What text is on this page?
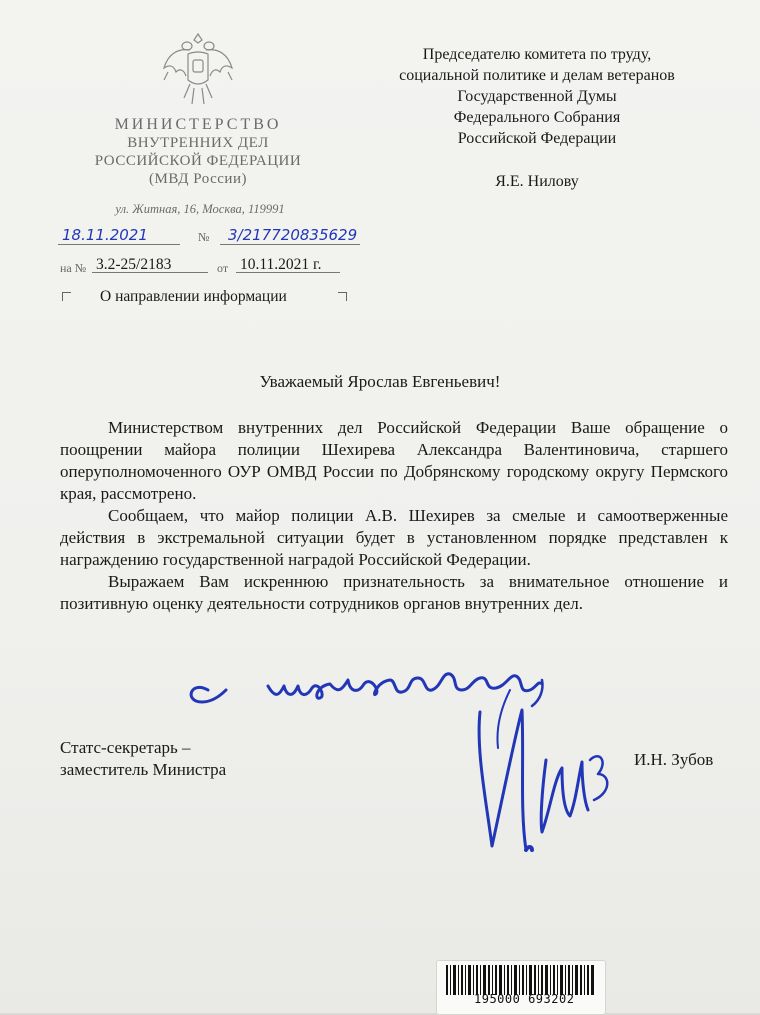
МИНИСТЕРСТВО
ВНУТРЕННИХ ДЕЛ
РОССИЙСКОЙ ФЕДЕРАЦИИ
(МВД России)
ул. Житная, 16, Москва, 119991
18.11.2021	№ 3/217720835629
на № 3.2-25/2183	от 10.11.2021 г.
О направлении информации
Председателю комитета по труду,
социальной политике и делам ветеранов
Государственной Думы
Федерального Собрания
Российской Федерации
Я.Е. Нилову
Уважаемый Ярослав Евгеньевич!

Министерством внутренних дел Российской Федерации Ваше обращение о поощрении майора полиции Шехирева Александра Валентиновича, старшего оперуполномоченного ОУР ОМВД России по Добрянскому городскому округу Пермского края, рассмотрено.

Сообщаем, что майор полиции А.В. Шехирев за смелые и самоотверженные действия в экстремальной ситуации будет в установленном порядке представлен к награждению государственной наградой Российской Федерации.

Выражаем Вам искреннюю признательность за внимательное отношение и позитивную оценку деятельности сотрудников органов внутренних дел.

Статс-секретарь –
заместитель Министра
И.Н. Зубов
195000 693202
